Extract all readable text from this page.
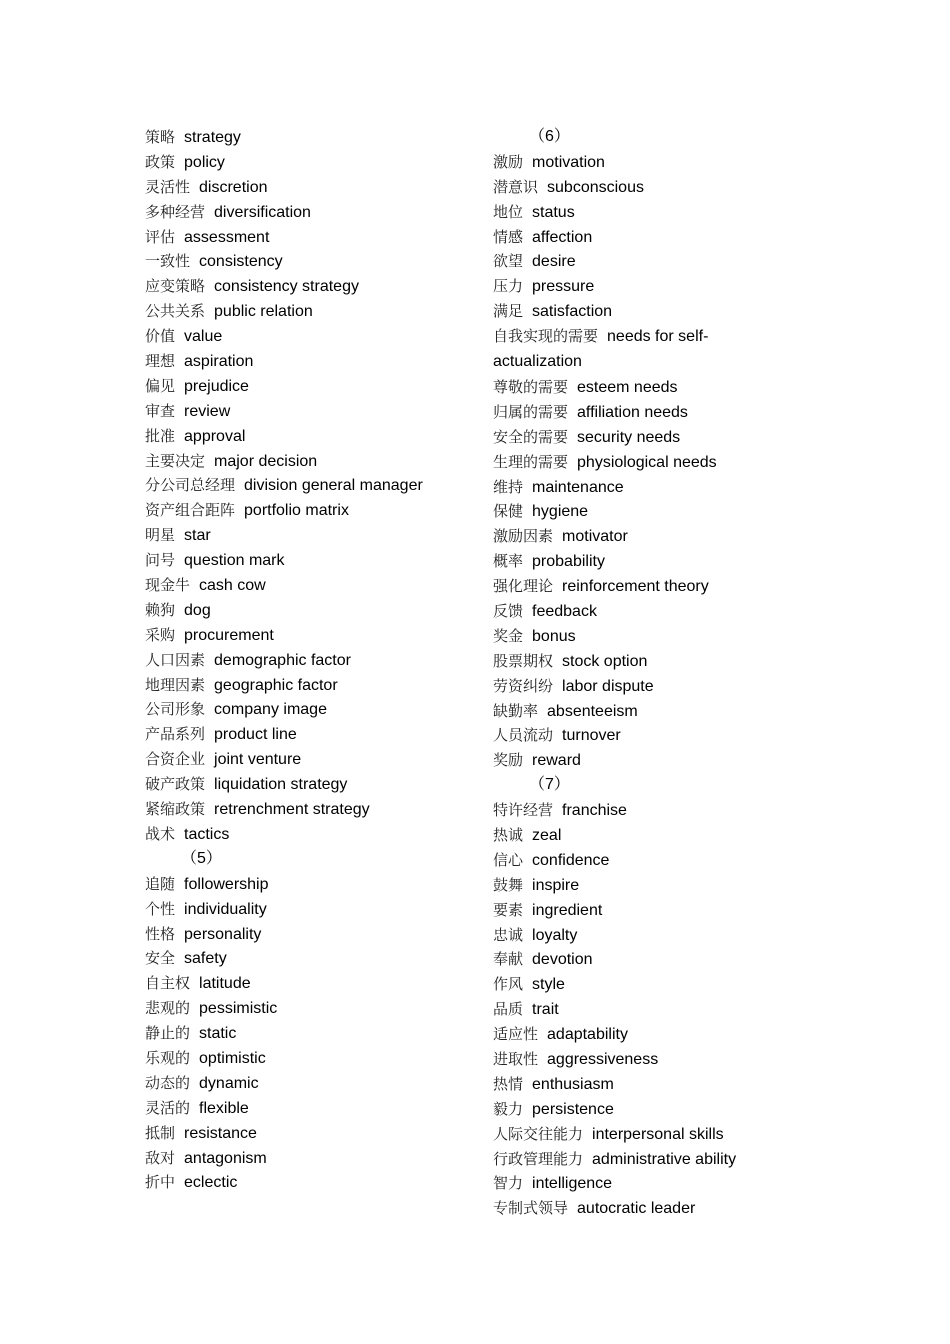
策略 strategy
政策 policy
灵活性 discretion
多种经营 diversification
评估 assessment
一致性 consistency
应变策略 consistency strategy
公共关系 public relation
价值 value
理想 aspiration
偏见 prejudice
审查 review
批准 approval
主要决定 major decision
分公司总经理 division general manager
资产组合距阵 portfolio matrix
明星 star
问号 question mark
现金牛 cash cow
赖狗 dog
采购 procurement
人口因素 demographic factor
地理因素 geographic factor
公司形象 company image
产品系列 product line
合资企业 joint venture
破产政策 liquidation strategy
紧缩政策 retrenchment strategy
战术 tactics
（5）
追随 followership
个性 individuality
性格 personality
安全 safety
自主权 latitude
悲观的 pessimistic
静止的 static
乐观的 optimistic
动态的 dynamic
灵活的 flexible
抵制 resistance
敌对 antagonism
折中 eclectic
（6）
激励 motivation
潜意识 subconscious
地位 status
情感 affection
欲望 desire
压力 pressure
满足 satisfaction
自我实现的需要 needs for self-actualization
尊敬的需要 esteem needs
归属的需要 affiliation needs
安全的需要 security needs
生理的需要 physiological needs
维持 maintenance
保健 hygiene
激励因素 motivator
概率 probability
强化理论 reinforcement theory
反馈 feedback
奖金 bonus
股票期权 stock option
劳资纠纷 labor dispute
缺勤率 absenteeism
人员流动 turnover
奖励 reward
（7）
特许经营 franchise
热诚 zeal
信心 confidence
鼓舞 inspire
要素 ingredient
忠诚 loyalty
奉献 devotion
作风 style
品质 trait
适应性 adaptability
进取性 aggressiveness
热情 enthusiasm
毅力 persistence
人际交往能力 interpersonal skills
行政管理能力 administrative ability
智力 intelligence
专制式领导 autocratic leader
